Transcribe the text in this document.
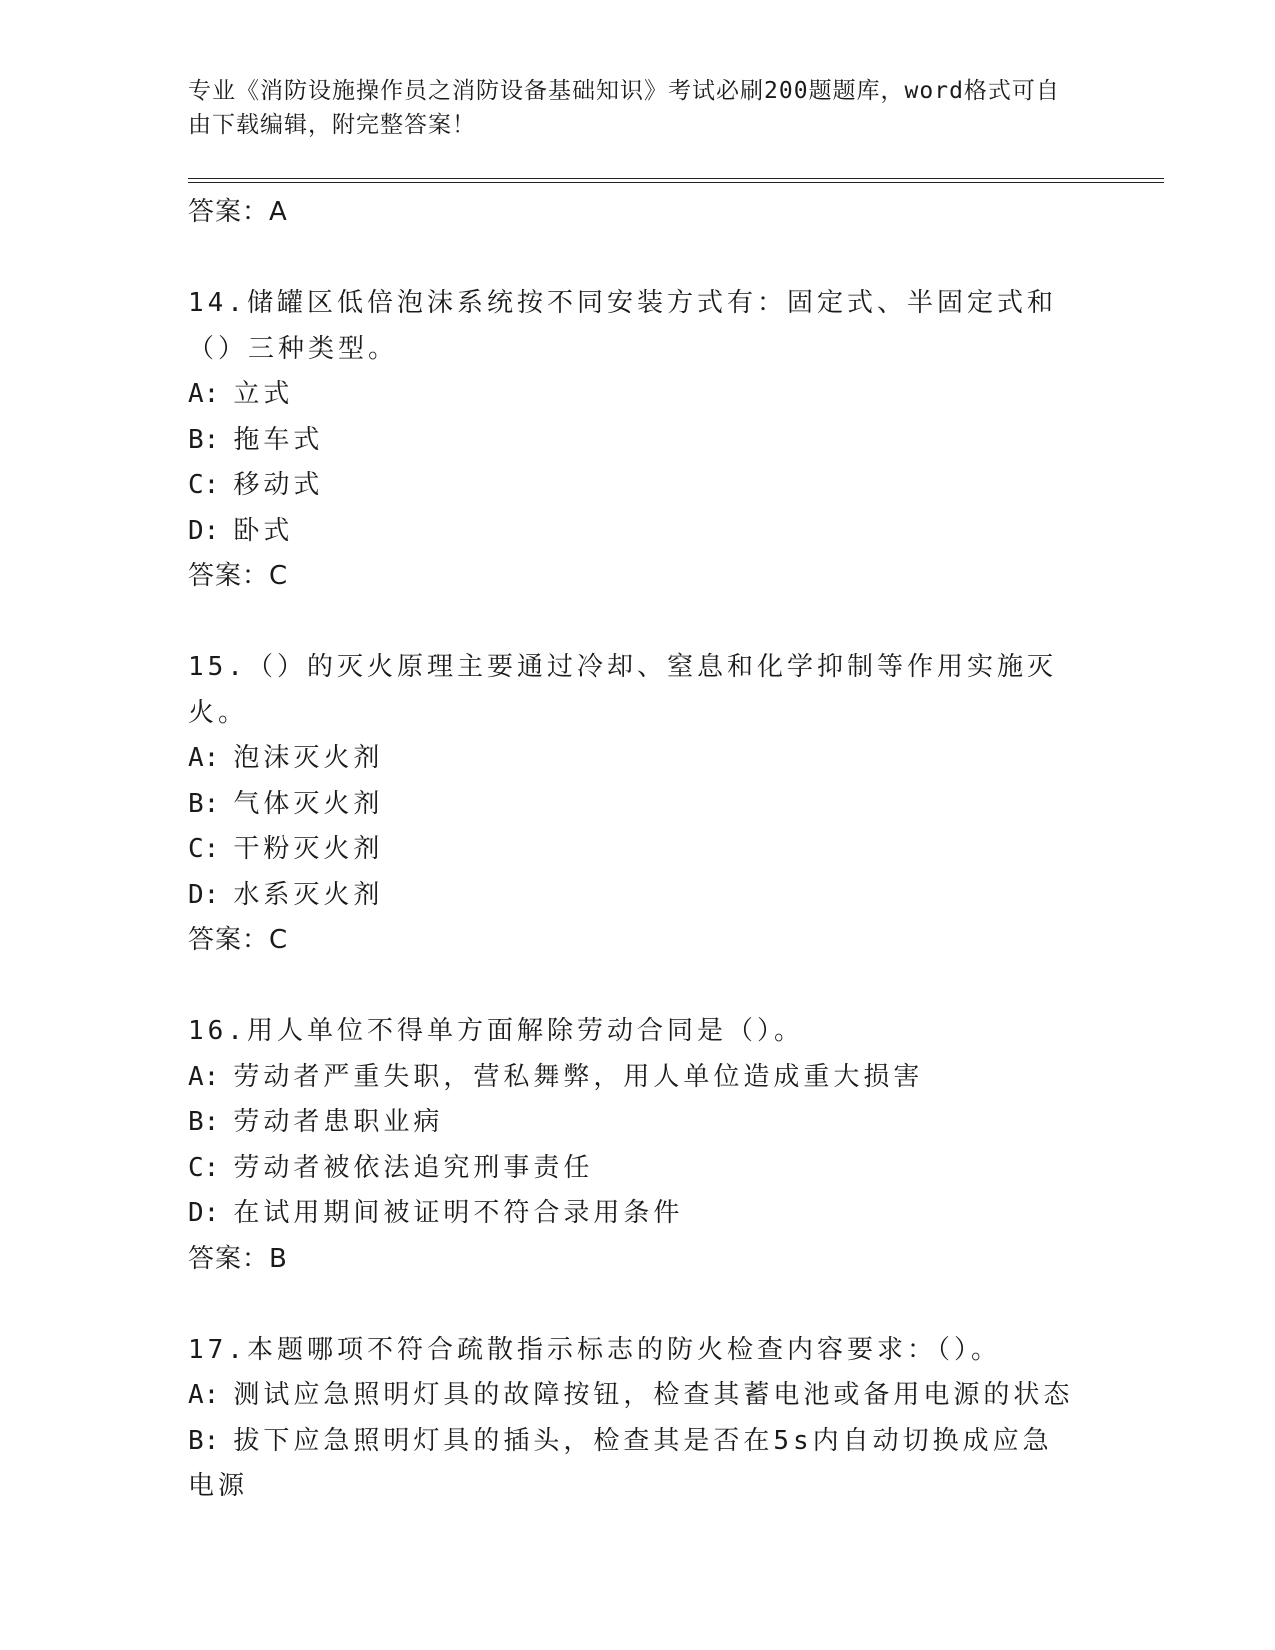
专业《消防设施操作员之消防设备基础知识》考试必刷200题题库，word格式可自由下载编辑，附完整答案！
答案：A
14.储罐区低倍泡沫系统按不同安装方式有：固定式、半固定式和（）三种类型。
A: 立式
B: 拖车式
C: 移动式
D: 卧式
答案：C
15.（）的灭火原理主要通过冷却、窒息和化学抑制等作用实施灭火。
A: 泡沫灭火剂
B: 气体灭火剂
C: 干粉灭火剂
D: 水系灭火剂
答案：C
16.用人单位不得单方面解除劳动合同是（）。
A: 劳动者严重失职，营私舞弊，用人单位造成重大损害
B: 劳动者患职业病
C: 劳动者被依法追究刑事责任
D: 在试用期间被证明不符合录用条件
答案：B
17.本题哪项不符合疏散指示标志的防火检查内容要求：（）。
A: 测试应急照明灯具的故障按钮，检查其蓄电池或备用电源的状态
B: 拔下应急照明灯具的插头，检查其是否在5s内自动切换成应急电源
